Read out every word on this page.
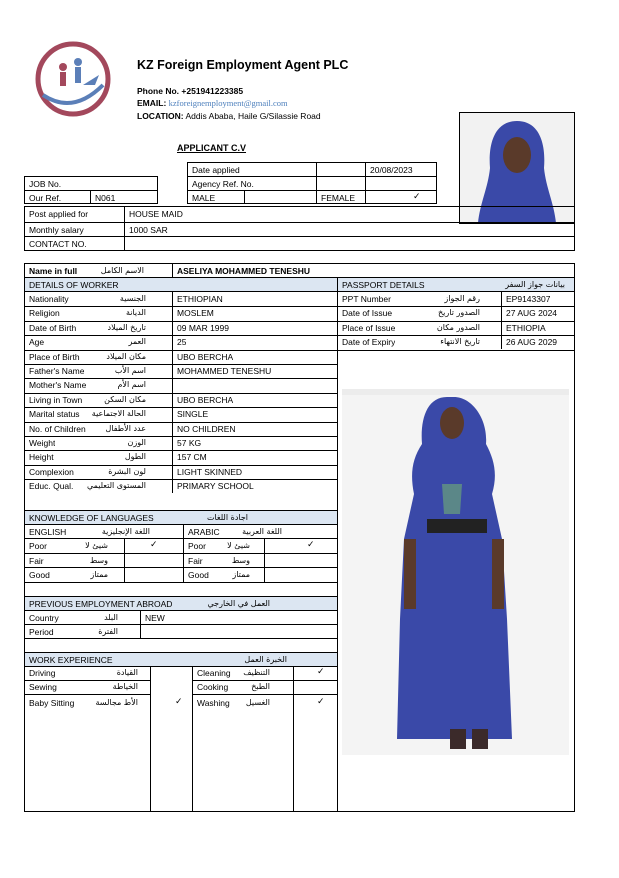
KZ Foreign Employment Agent PLC
Phone No. +251941223385
EMAIL: kzforeignemployment@gmail.com
LOCATION: Addis Ababa, Haile G/Silassie Road
APPLICANT C.V
Date applied	20/08/2023
Agency Ref. No.
MALE	FEMALE	✓
JOB No.
Our Ref.	N061
Post applied for	HOUSE MAID
Monthly salary	1000 SAR
CONTACT NO.
Name in full	الاسم الكامل	ASELIYA MOHAMMED TENESHU
DETAILS OF WORKER	PASSPORT DETAILS	بيانات جواز السفر
Nationality	الجنسية	ETHIOPIAN
Religion	الديانة	MOSLEM
Date of Birth	تاريخ الميلاد	09 MAR 1999
Age	العمر	25
Place of Birth	مكان الميلاد	UBO BERCHA
Father's Name	اسم الأب	MOHAMMED TENESHU
Mother's Name	اسم الأم
Living in Town	مكان السكن	UBO BERCHA
Marital status	الحالة الاجتماعية	SINGLE
No. of Children	عدد الأطفال	NO CHILDREN
Weight	الوزن	57 KG
Height	الطول	157 CM
Complexion	لون البشرة	LIGHT SKINNED
Educ. Qual.	المستوى التعليمي	PRIMARY SCHOOL
PPT Number	رقم الجواز	EP9143307
Date of Issue	الصدور تاريخ	27 AUG 2024
Place of Issue	الصدور مكان	ETHIOPIA
Date of Expiry	تاريخ الانتهاء	26 AUG 2029
KNOWLEDGE OF LANGUAGES	اجادة اللغات
ENGLISH	اللغة الإنجليزية	ARABIC	اللغة العربية
Poor	شيئ لا	✓	Poor	شيئ لا	✓
Fair	وسط	Fair	وسط
Good	ممتاز	Good	ممتاز
PREVIOUS EMPLOYMENT ABROAD	العمل في الخارجي
Country	البلد	NEW
Period	الفترة
WORK EXPERIENCE	الخبرة العمل
Driving	القيادة
Sewing	الخياطة
Baby Sitting	الأط مجالسة	✓
Cleaning	التنظيف	✓
Cooking	الطبخ
Washing	الغسيل	✓
